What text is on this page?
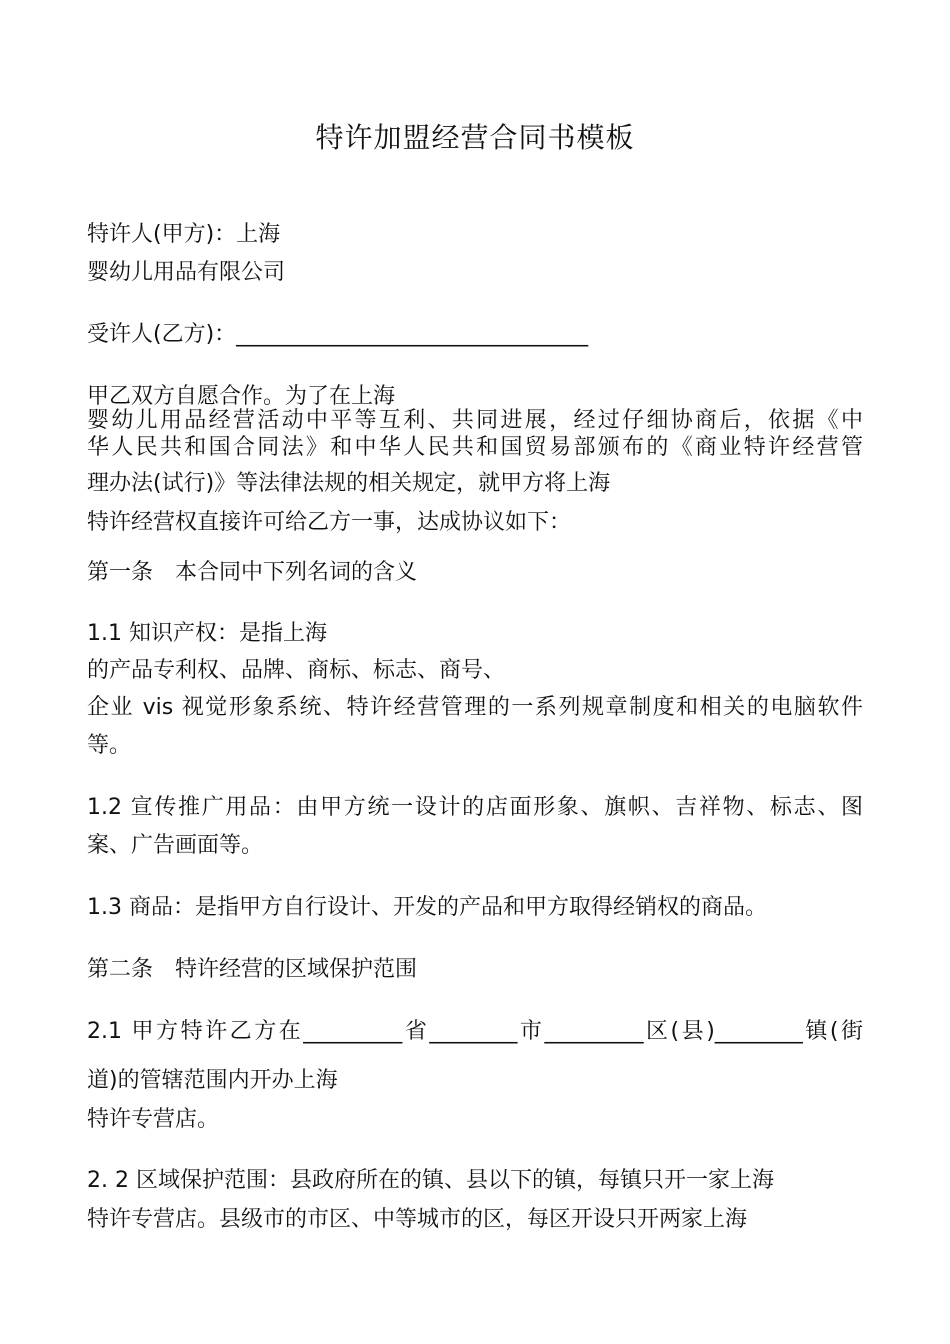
特许加盟经营合同书模板
特许人(甲方)：上海
婴幼儿用品有限公司
受许人(乙方)：________________________________
甲乙双方自愿合作。为了在上海
婴幼儿用品经营活动中平等互利、共同进展，经过仔细协商后，依据《中
华人民共和国合同法》和中华人民共和国贸易部颁布的《商业特许经营管
理办法(试行)》等法律法规的相关规定，就甲方将上海
特许经营权直接许可给乙方一事，达成协议如下：
第一条　本合同中下列名词的含义
1.1 知识产权：是指上海
的产品专利权、品牌、商标、标志、商号、
企业 vis 视觉形象系统、特许经营管理的一系列规章制度和相关的电脑软件
等。
1.2 宣传推广用品：由甲方统一设计的店面形象、旗帜、吉祥物、标志、图
案、广告画面等。
1.3 商品：是指甲方自行设计、开发的产品和甲方取得经销权的商品。
第二条　特许经营的区域保护范围
2.1 甲方特许乙方在_________省________市_________区(县)________镇(街
道)的管辖范围内开办上海
特许专营店。
2. 2 区域保护范围：县政府所在的镇、县以下的镇，每镇只开一家上海
特许专营店。县级市的市区、中等城市的区，每区开设只开两家上海
